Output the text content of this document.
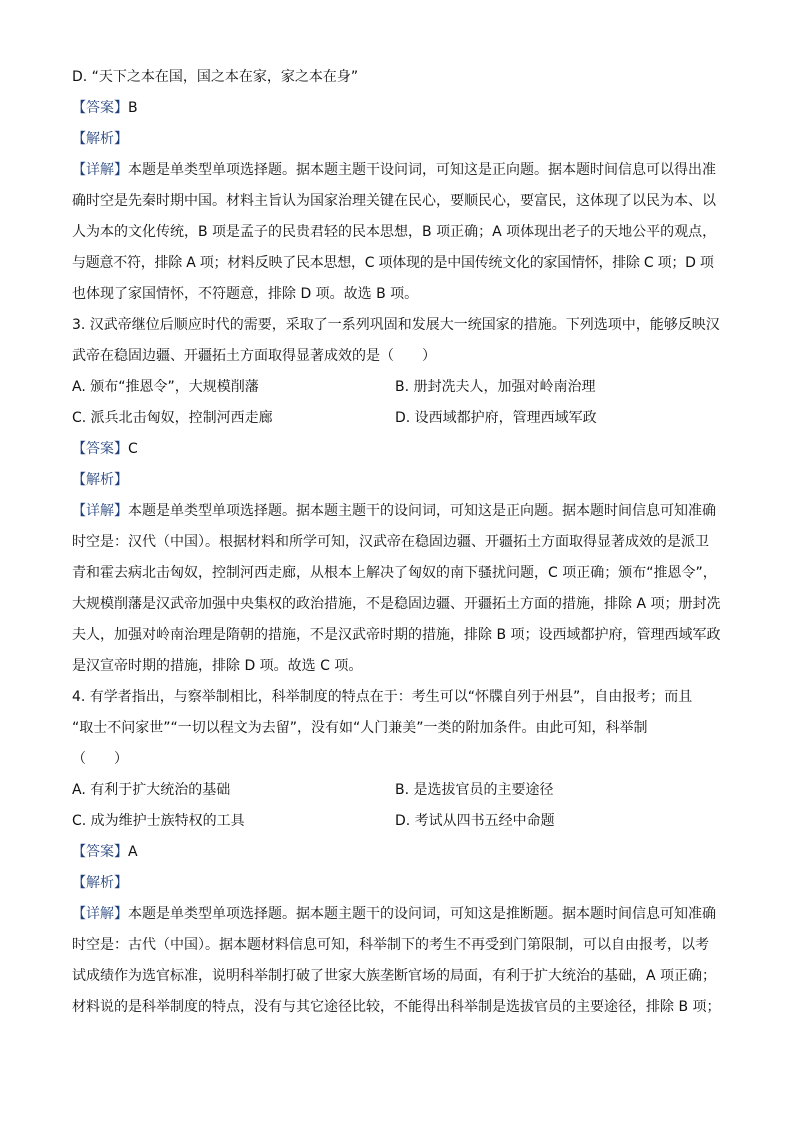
D. “天下之本在国，国之本在家，家之本在身”
【答案】B
【解析】
【详解】本题是单类型单项选择题。据本题主题干设问词，可知这是正向题。据本题时间信息可以得出准
确时空是先秦时期中国。材料主旨认为国家治理关键在民心，要顺民心，要富民，这体现了以民为本、以
人为本的文化传统，B 项是孟子的民贵君轻的民本思想，B 项正确；A 项体现出老子的天地公平的观点，
与题意不符，排除 A 项；材料反映了民本思想，C 项体现的是中国传统文化的家国情怀，排除 C 项；D 项
也体现了家国情怀，不符题意，排除 D 项。故选 B 项。
3. 汉武帝继位后顺应时代的需要，采取了一系列巩固和发展大一统国家的措施。下列选项中，能够反映汉
武帝在稳固边疆、开疆拓土方面取得显著成效的是（　　）
A. 颁布“推恩令”，大规模削藩	B. 册封冼夫人，加强对岭南治理
C. 派兵北击匈奴，控制河西走廊	D. 设西域都护府，管理西域军政
【答案】C
【解析】
【详解】本题是单类型单项选择题。据本题主题干的设问词，可知这是正向题。据本题时间信息可知准确
时空是：汉代（中国）。根据材料和所学可知，汉武帝在稳固边疆、开疆拓土方面取得显著成效的是派卫
青和霍去病北击匈奴，控制河西走廊，从根本上解决了匈奴的南下骚扰问题，C 项正确；颁布“推恩令”，
大规模削藩是汉武帝加强中央集权的政治措施，不是稳固边疆、开疆拓土方面的措施，排除 A 项；册封冼
夫人，加强对岭南治理是隋朝的措施，不是汉武帝时期的措施，排除 B 项；设西域都护府，管理西域军政
是汉宣帝时期的措施，排除 D 项。故选 C 项。
4. 有学者指出，与察举制相比，科举制度的特点在于：考生可以“怀牒自列于州县”，自由报考；而且
“取士不问家世”“一切以程文为去留”，没有如“人门兼美”一类的附加条件。由此可知，科举制
（　　）
A. 有利于扩大统治的基础	B. 是选拔官员的主要途径
C. 成为维护士族特权的工具	D. 考试从四书五经中命题
【答案】A
【解析】
【详解】本题是单类型单项选择题。据本题主题干的设问词，可知这是推断题。据本题时间信息可知准确
时空是：古代（中国）。据本题材料信息可知，科举制下的考生不再受到门第限制，可以自由报考，以考
试成绩作为选官标准，说明科举制打破了世家大族垄断官场的局面，有利于扩大统治的基础，A 项正确；
材料说的是科举制度的特点，没有与其它途径比较，不能得出科举制是选拔官员的主要途径，排除 B 项；
